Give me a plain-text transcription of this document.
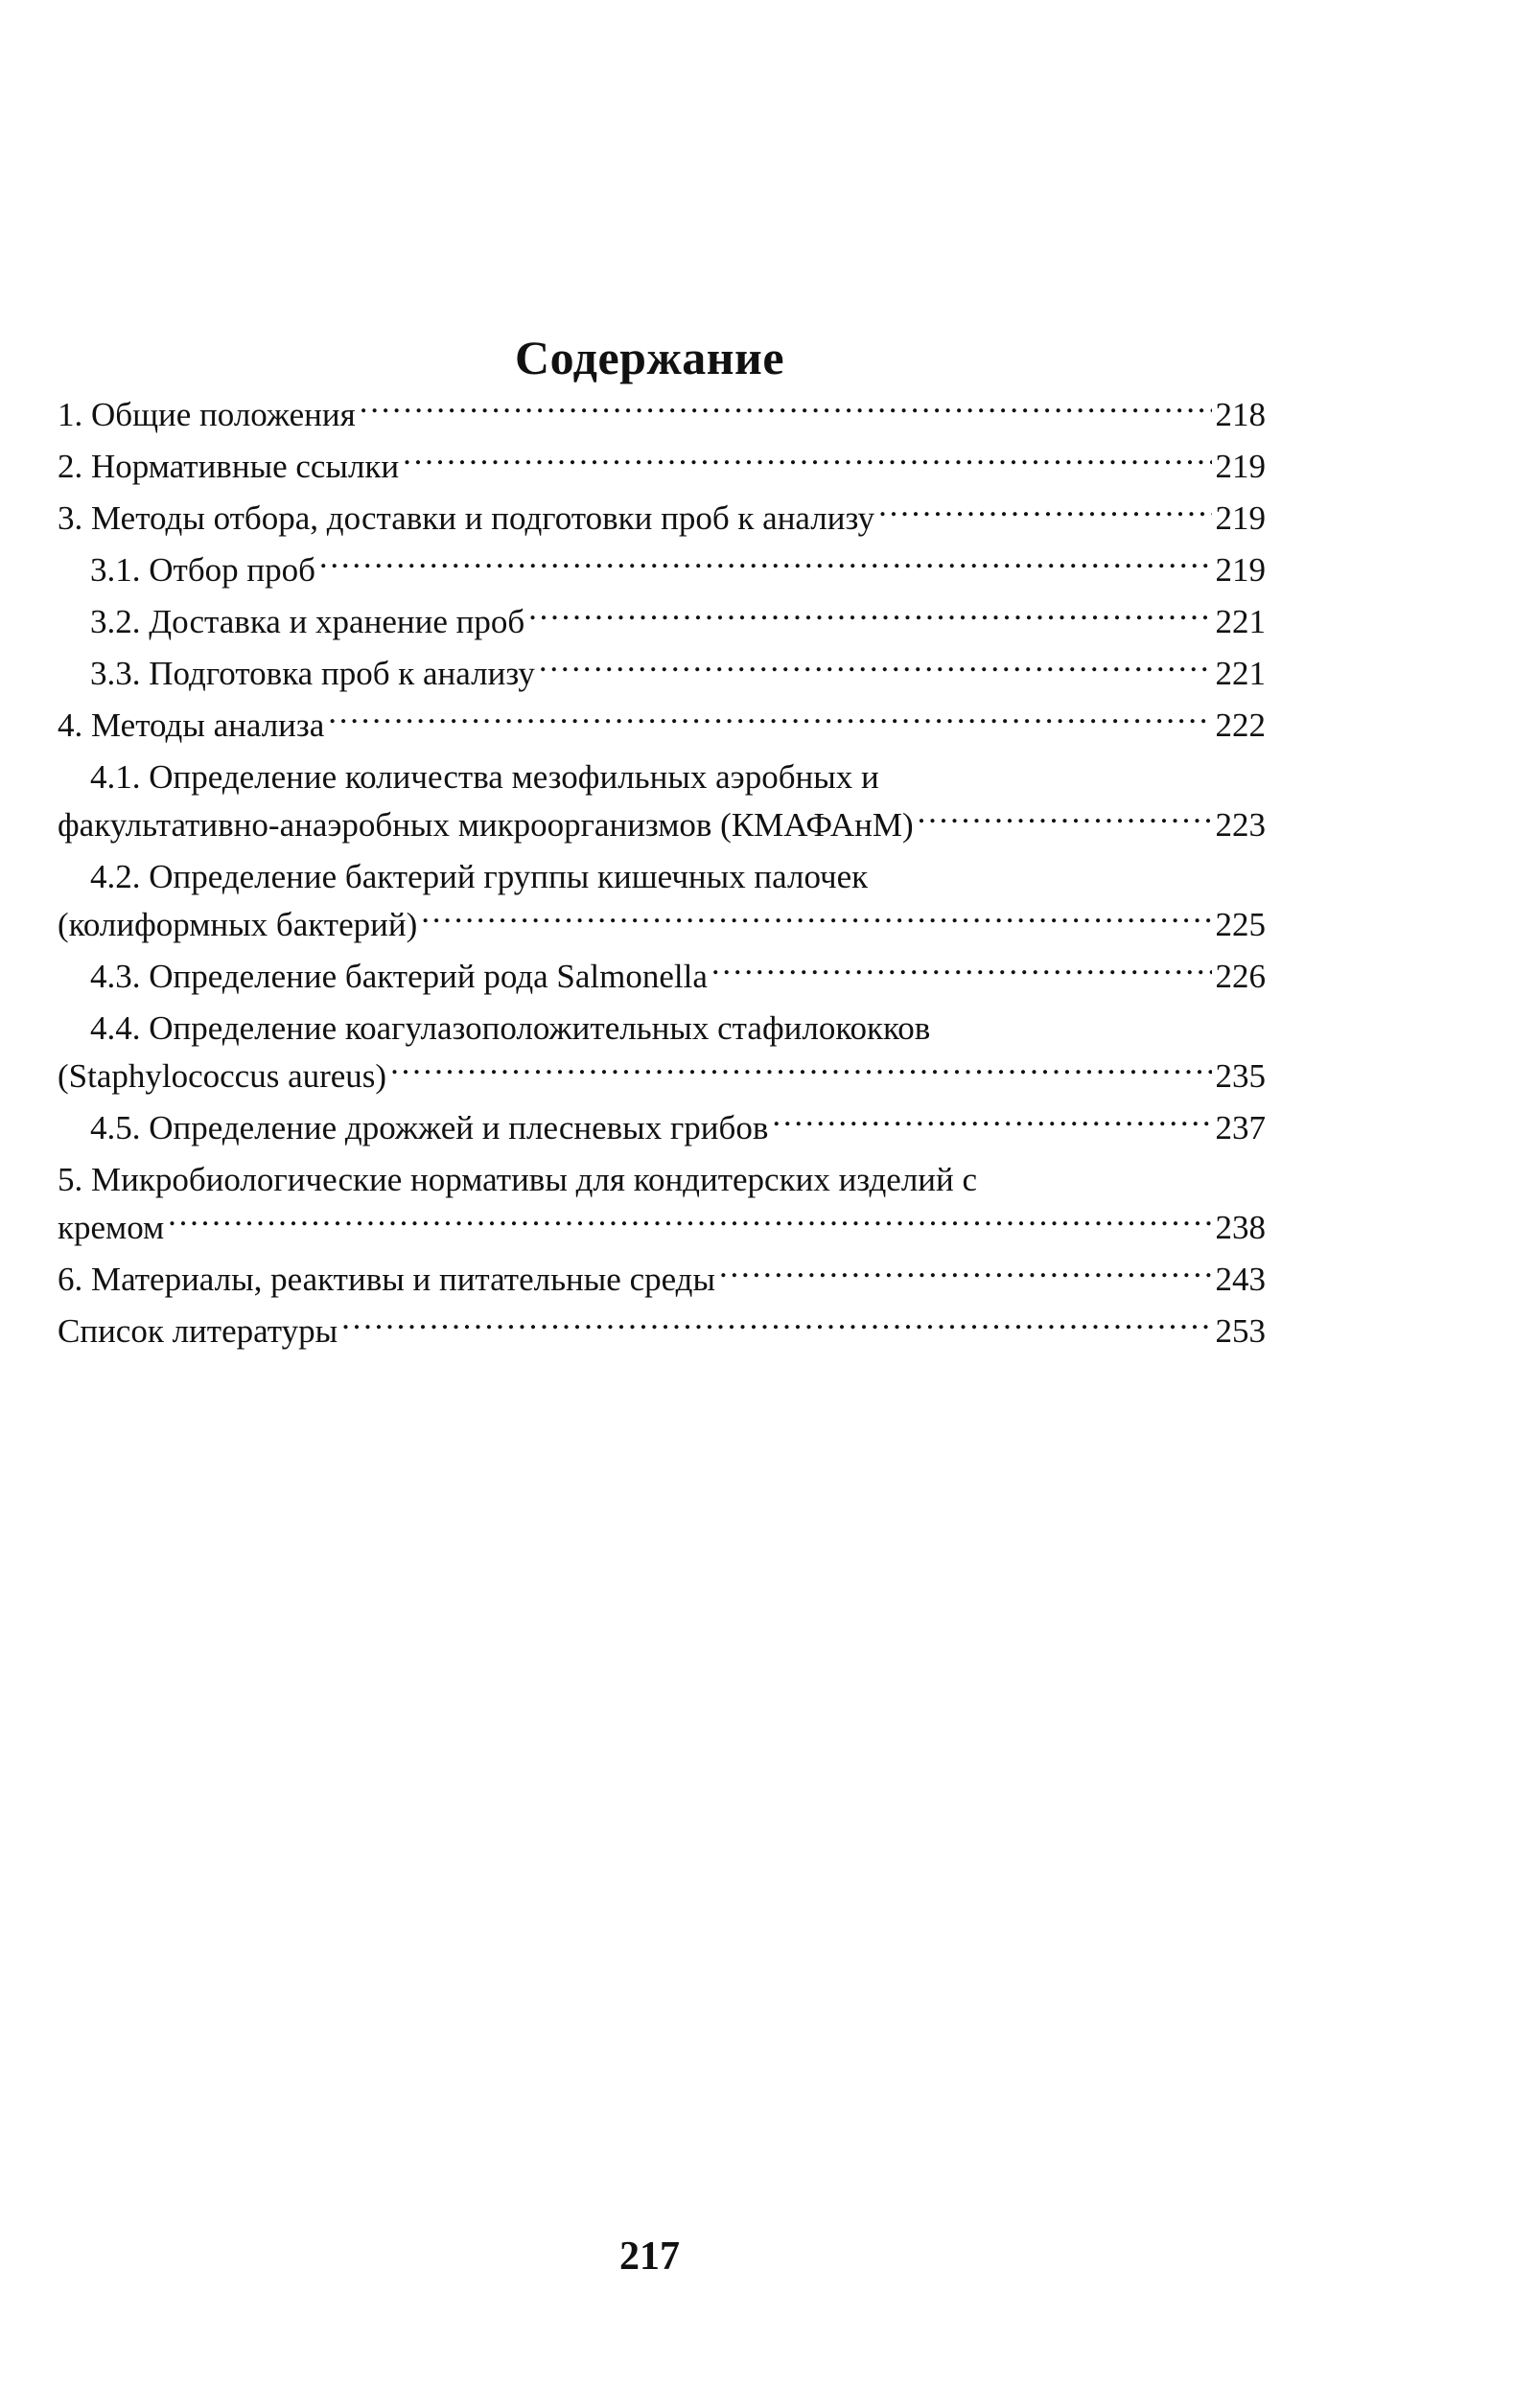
Содержание
1. Общие положения . . .	218
2. Нормативные ссылки . . .	219
3. Методы отбора, доставки и подготовки проб к анализу . . .	219
3.1. Отбор проб . . .	219
3.2. Доставка и хранение проб . . .	221
3.3. Подготовка проб к анализу . . .	221
4. Методы анализа . . .	222
4.1. Определение количества мезофильных аэробных и
факультативно-анаэробных микроорганизмов (КМАФАнМ) . . .	223
4.2. Определение бактерий группы кишечных палочек
(колиформных бактерий) . . .	225
4.3. Определение бактерий рода Salmonella . . .	226
4.4. Определение коагулазоположительных стафилококков
(Staphylococcus aureus) . . .	235
4.5. Определение дрожжей и плесневых грибов . . .	237
5. Микробиологические нормативы для кондитерских изделий с
кремом . . .	238
6. Материалы, реактивы и питательные среды . . .	243
Список литературы . . .	253
217
